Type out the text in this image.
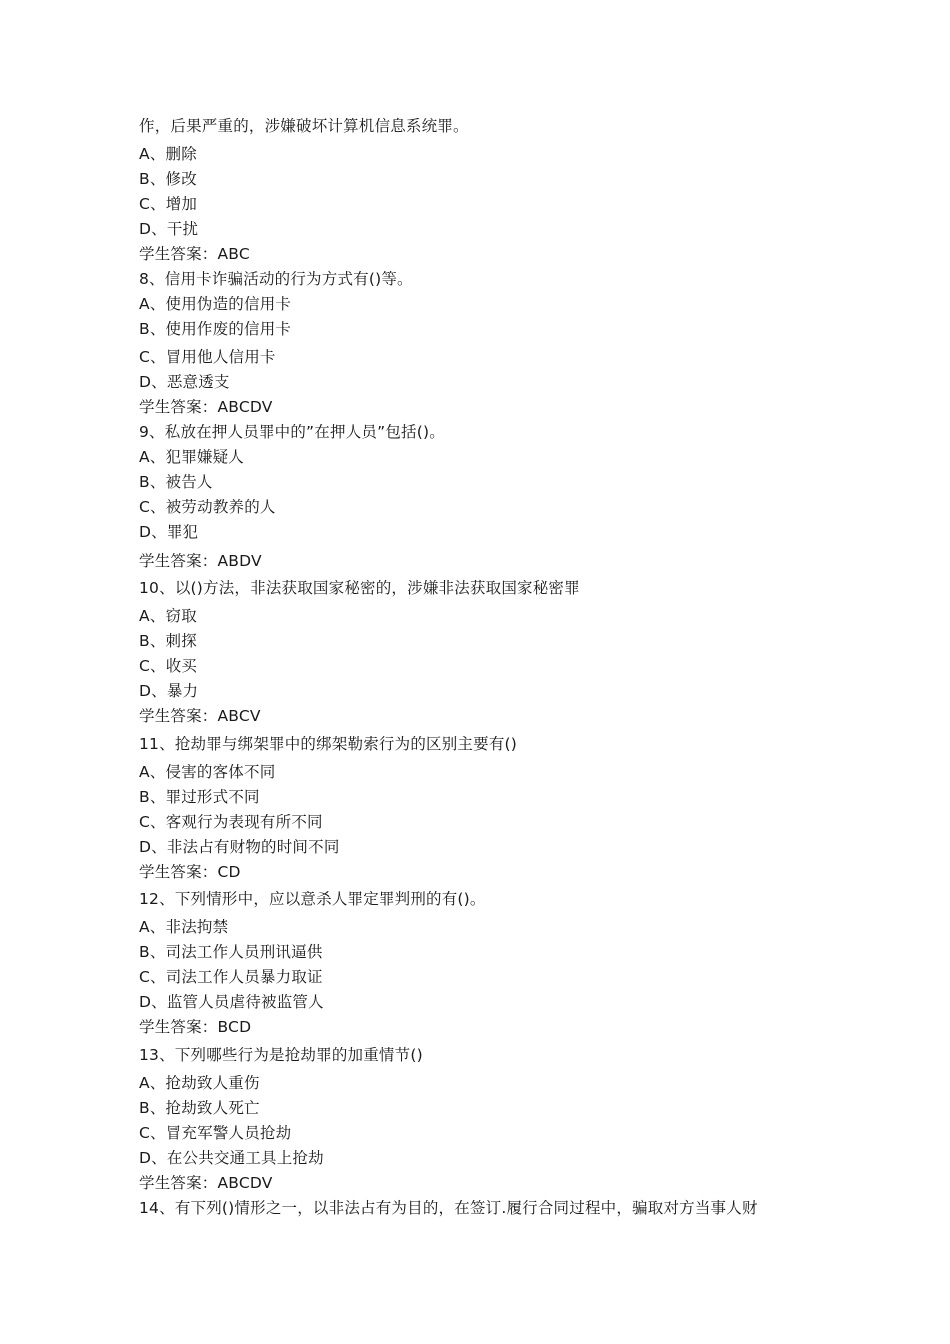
作，后果严重的，涉嫌破坏计算机信息系统罪。
A、删除
B、修改
C、增加
D、干扰
学生答案：ABC
8、信用卡诈骗活动的行为方式有()等。
A、使用伪造的信用卡
B、使用作废的信用卡
C、冒用他人信用卡
D、恶意透支
学生答案：ABCDV
9、私放在押人员罪中的”在押人员”包括()。
A、犯罪嫌疑人
B、被告人
C、被劳动教养的人
D、罪犯
学生答案：ABDV
10、以()方法，非法获取国家秘密的，涉嫌非法获取国家秘密罪
A、窃取
B、刺探
C、收买
D、暴力
学生答案：ABCV
11、抢劫罪与绑架罪中的绑架勒索行为的区别主要有()
A、侵害的客体不同
B、罪过形式不同
C、客观行为表现有所不同
D、非法占有财物的时间不同
学生答案：CD
12、下列情形中，应以意杀人罪定罪判刑的有()。
A、非法拘禁
B、司法工作人员刑讯逼供
C、司法工作人员暴力取证
D、监管人员虐待被监管人
学生答案：BCD
13、下列哪些行为是抢劫罪的加重情节()
A、抢劫致人重伤
B、抢劫致人死亡
C、冒充军警人员抢劫
D、在公共交通工具上抢劫
学生答案：ABCDV
14、有下列()情形之一，以非法占有为目的，在签订.履行合同过程中，骗取对方当事人财
